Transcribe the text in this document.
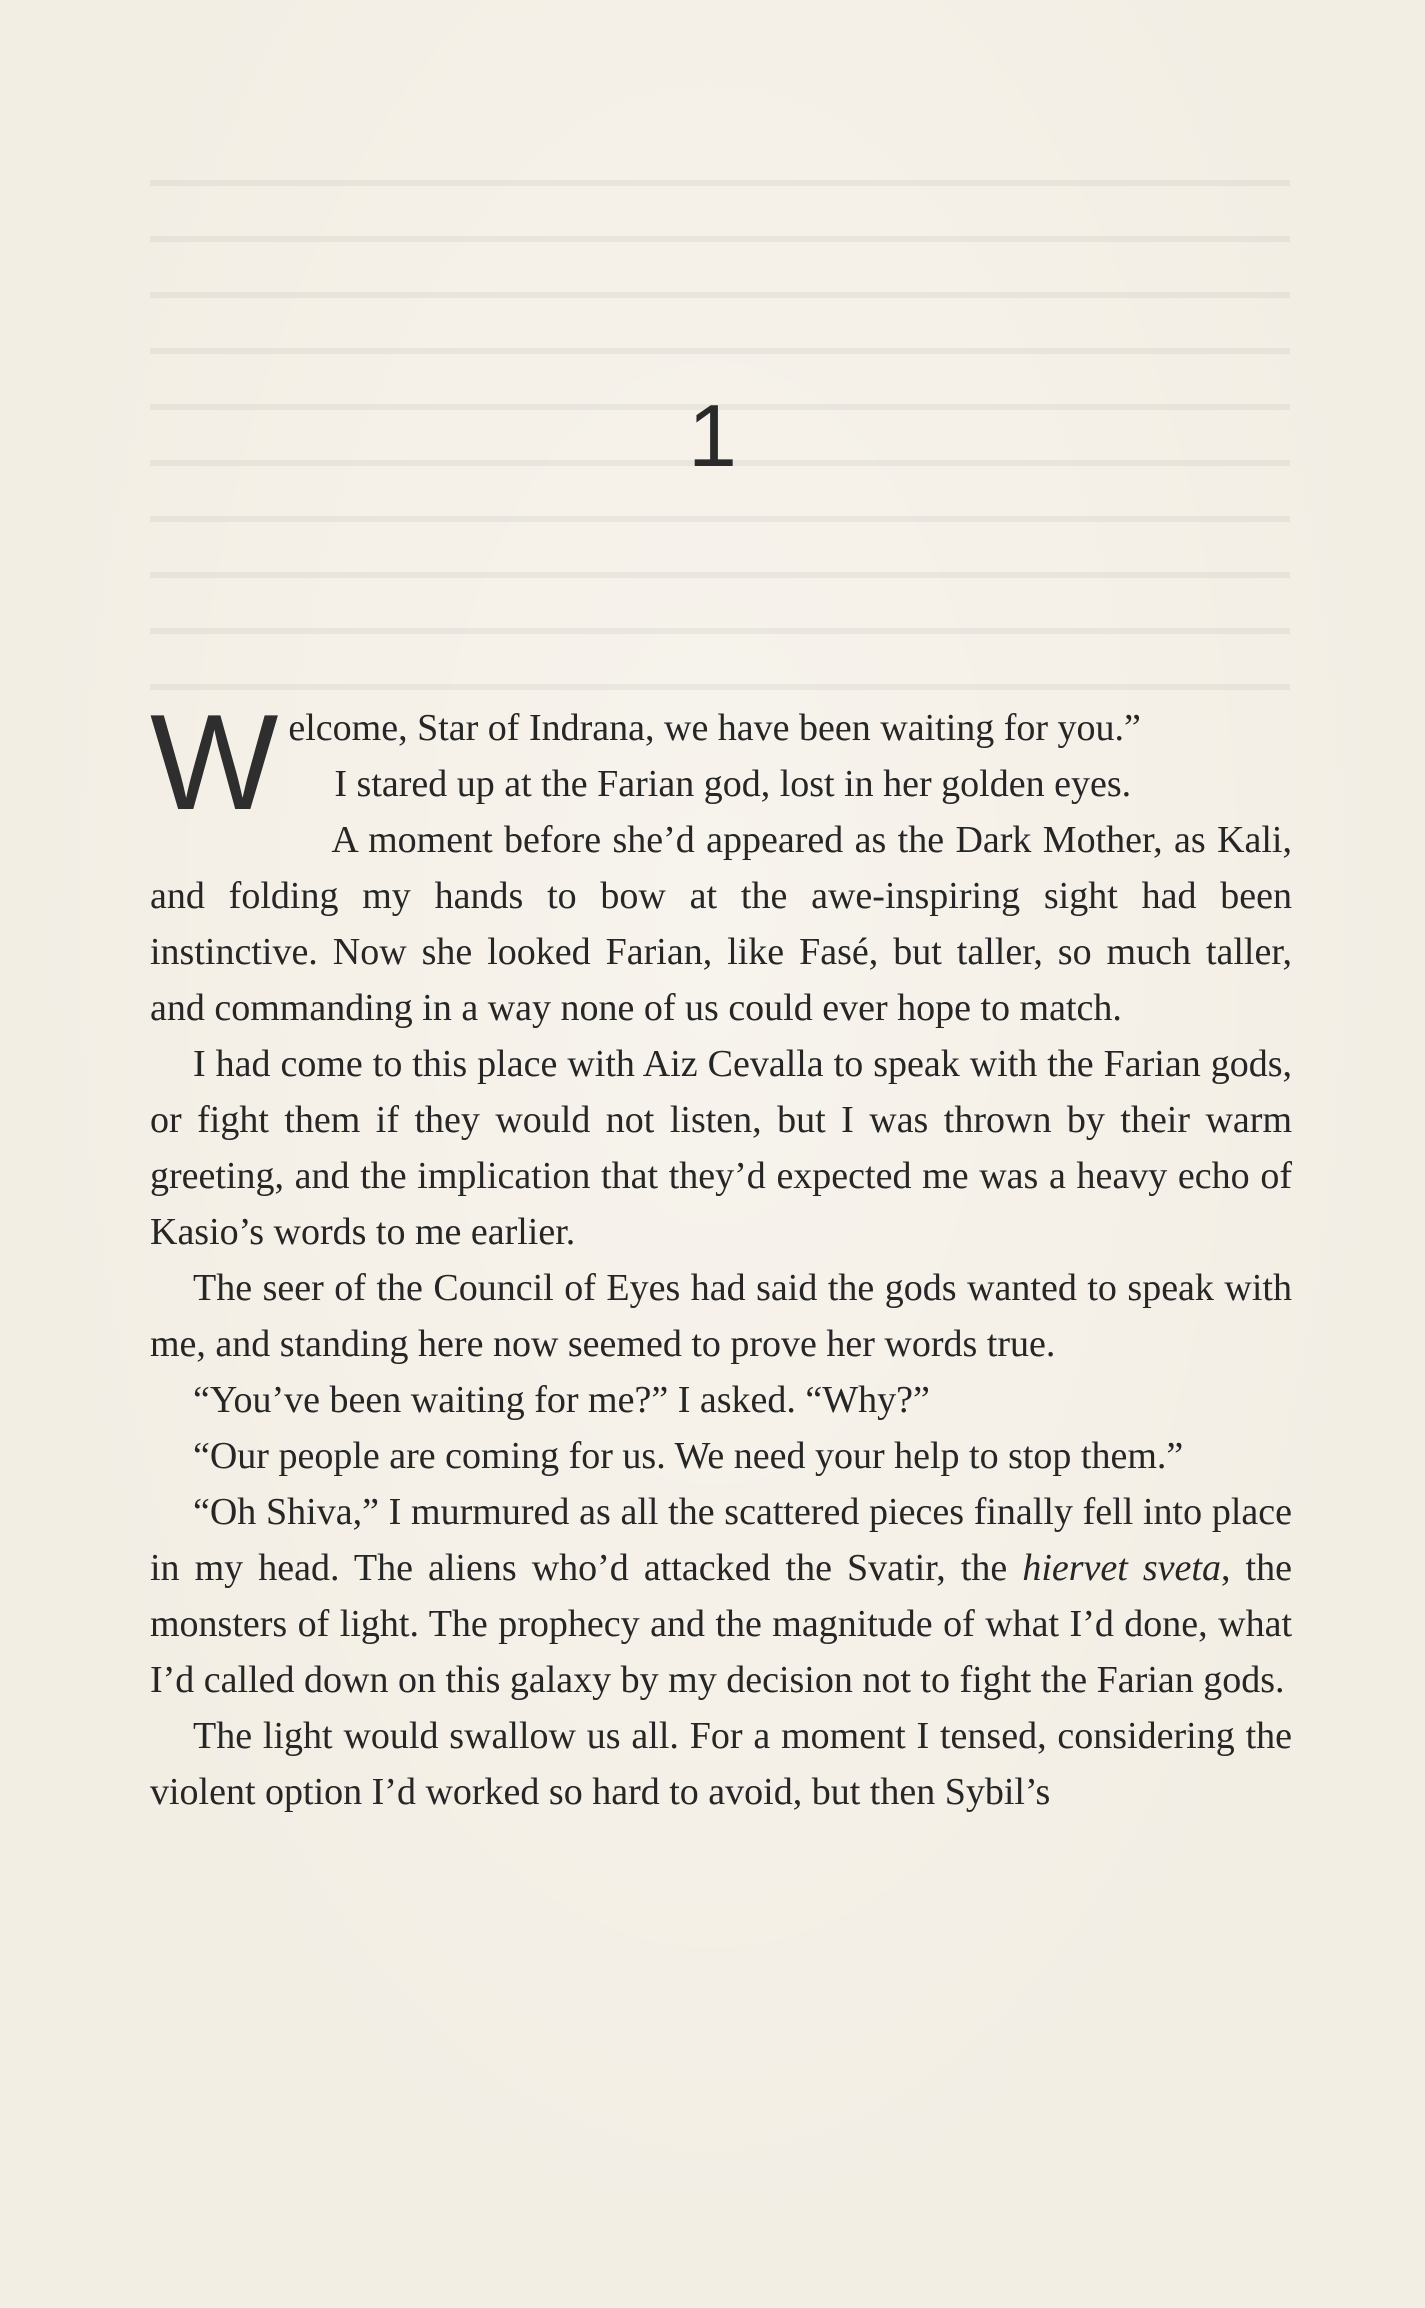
1

Welcome, Star of Indrana, we have been waiting for you.”
I stared up at the Farian god, lost in her golden eyes.

A moment before she’d appeared as the Dark Mother, as Kali, and folding my hands to bow at the awe-inspiring sight had been instinctive. Now she looked Farian, like Fasé, but taller, so much taller, and commanding in a way none of us could ever hope to match.

I had come to this place with Aiz Cevalla to speak with the Farian gods, or fight them if they would not listen, but I was thrown by their warm greeting, and the implication that they’d expected me was a heavy echo of Kasio’s words to me earlier.

The seer of the Council of Eyes had said the gods wanted to speak with me, and standing here now seemed to prove her words true.

“You’ve been waiting for me?” I asked. “Why?”

“Our people are coming for us. We need your help to stop them.”

“Oh Shiva,” I murmured as all the scattered pieces finally fell into place in my head. The aliens who’d attacked the Svatir, the hiervet sveta, the monsters of light. The prophecy and the magnitude of what I’d done, what I’d called down on this galaxy by my decision not to fight the Farian gods.

The light would swallow us all. For a moment I tensed, considering the violent option I’d worked so hard to avoid, but then Sybil’s
